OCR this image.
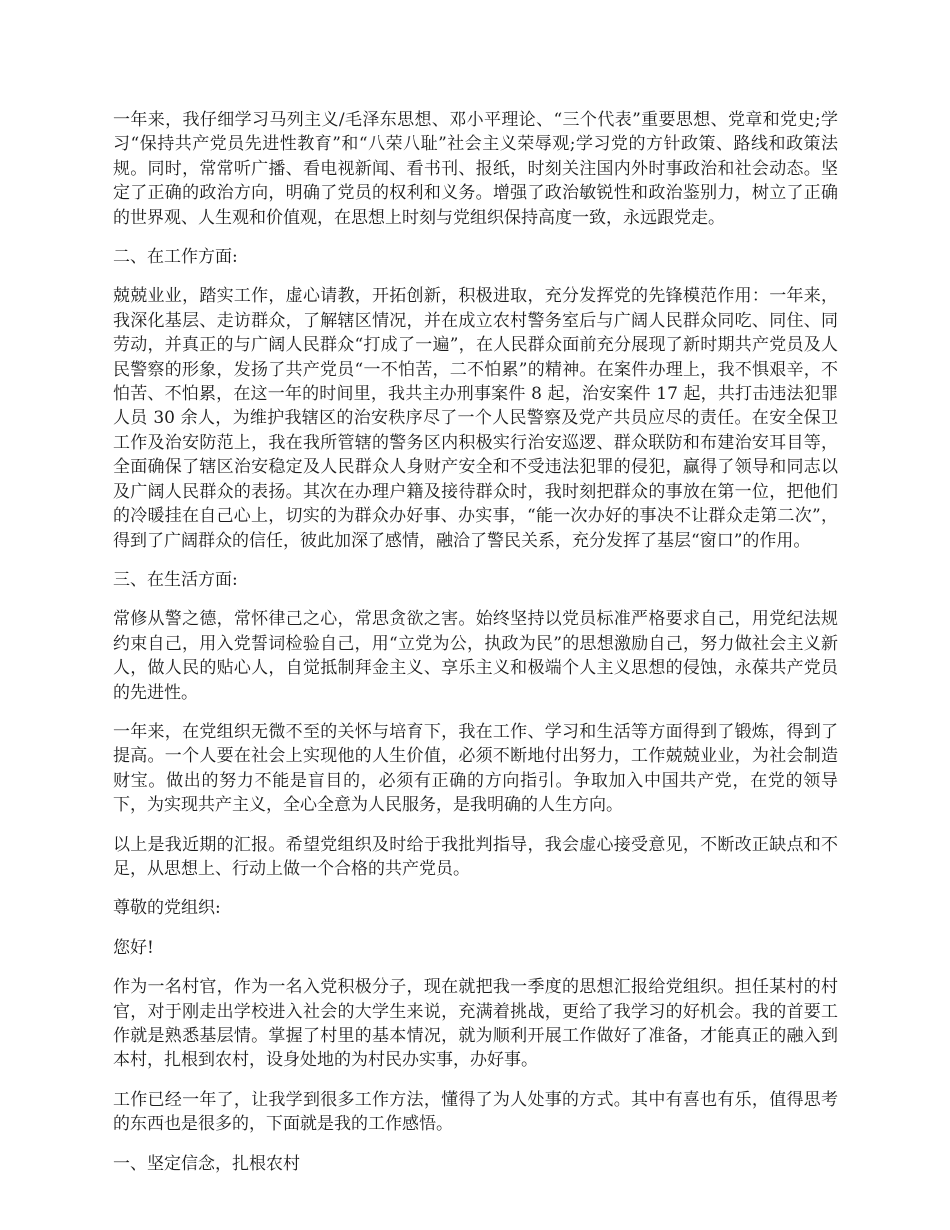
一年来，我仔细学习马列主义/毛泽东思想、邓小平理论、“三个代表”重要思想、党章和党史;学习“保持共产党员先进性教育”和“八荣八耻”社会主义荣辱观;学习党的方针政策、路线和政策法规。同时，常常听广播、看电视新闻、看书刊、报纸，时刻关注国内外时事政治和社会动态。坚定了正确的政治方向，明确了党员的权利和义务。增强了政治敏锐性和政治鉴别力，树立了正确的世界观、人生观和价值观，在思想上时刻与党组织保持高度一致，永远跟党走。

二、在工作方面:

兢兢业业，踏实工作，虚心请教，开拓创新，积极进取，充分发挥党的先锋模范作用：一年来，我深化基层、走访群众，了解辖区情况，并在成立农村警务室后与广阔人民群众同吃、同住、同劳动，并真正的与广阔人民群众“打成了一遍”，在人民群众面前充分展现了新时期共产党员及人民警察的形象，发扬了共产党员“一不怕苦，二不怕累”的精神。在案件办理上，我不惧艰辛，不怕苦、不怕累，在这一年的时间里，我共主办刑事案件 8 起，治安案件 17 起，共打击违法犯罪人员 30 余人，为维护我辖区的治安秩序尽了一个人民警察及党产共员应尽的责任。在安全保卫工作及治安防范上，我在我所管辖的警务区内积极实行治安巡逻、群众联防和布建治安耳目等，全面确保了辖区治安稳定及人民群众人身财产安全和不受违法犯罪的侵犯，赢得了领导和同志以及广阔人民群众的表扬。其次在办理户籍及接待群众时，我时刻把群众的事放在第一位，把他们的冷暖挂在自己心上，切实的为群众办好事、办实事，“能一次办好的事决不让群众走第二次”，得到了广阔群众的信任，彼此加深了感情，融洽了警民关系，充分发挥了基层“窗口”的作用。

三、在生活方面:

常修从警之德，常怀律己之心，常思贪欲之害。始终坚持以党员标准严格要求自己，用党纪法规约束自己，用入党誓词检验自己，用“立党为公，执政为民”的思想激励自己，努力做社会主义新人，做人民的贴心人，自觉抵制拜金主义、享乐主义和极端个人主义思想的侵蚀，永葆共产党员的先进性。

一年来，在党组织无微不至的关怀与培育下，我在工作、学习和生活等方面得到了锻炼，得到了提高。一个人要在社会上实现他的人生价值，必须不断地付出努力，工作兢兢业业，为社会制造财宝。做出的努力不能是盲目的，必须有正确的方向指引。争取加入中国共产党，在党的领导下，为实现共产主义，全心全意为人民服务，是我明确的人生方向。

以上是我近期的汇报。希望党组织及时给于我批判指导，我会虚心接受意见，不断改正缺点和不足，从思想上、行动上做一个合格的共产党员。

尊敬的党组织:

您好!

作为一名村官，作为一名入党积极分子，现在就把我一季度的思想汇报给党组织。担任某村的村官，对于刚走出学校进入社会的大学生来说，充满着挑战，更给了我学习的好机会。我的首要工作就是熟悉基层情。掌握了村里的基本情况，就为顺利开展工作做好了准备，才能真正的融入到本村，扎根到农村，设身处地的为村民办实事，办好事。

工作已经一年了，让我学到很多工作方法，懂得了为人处事的方式。其中有喜也有乐，值得思考的东西也是很多的，下面就是我的工作感悟。

一、坚定信念，扎根农村
